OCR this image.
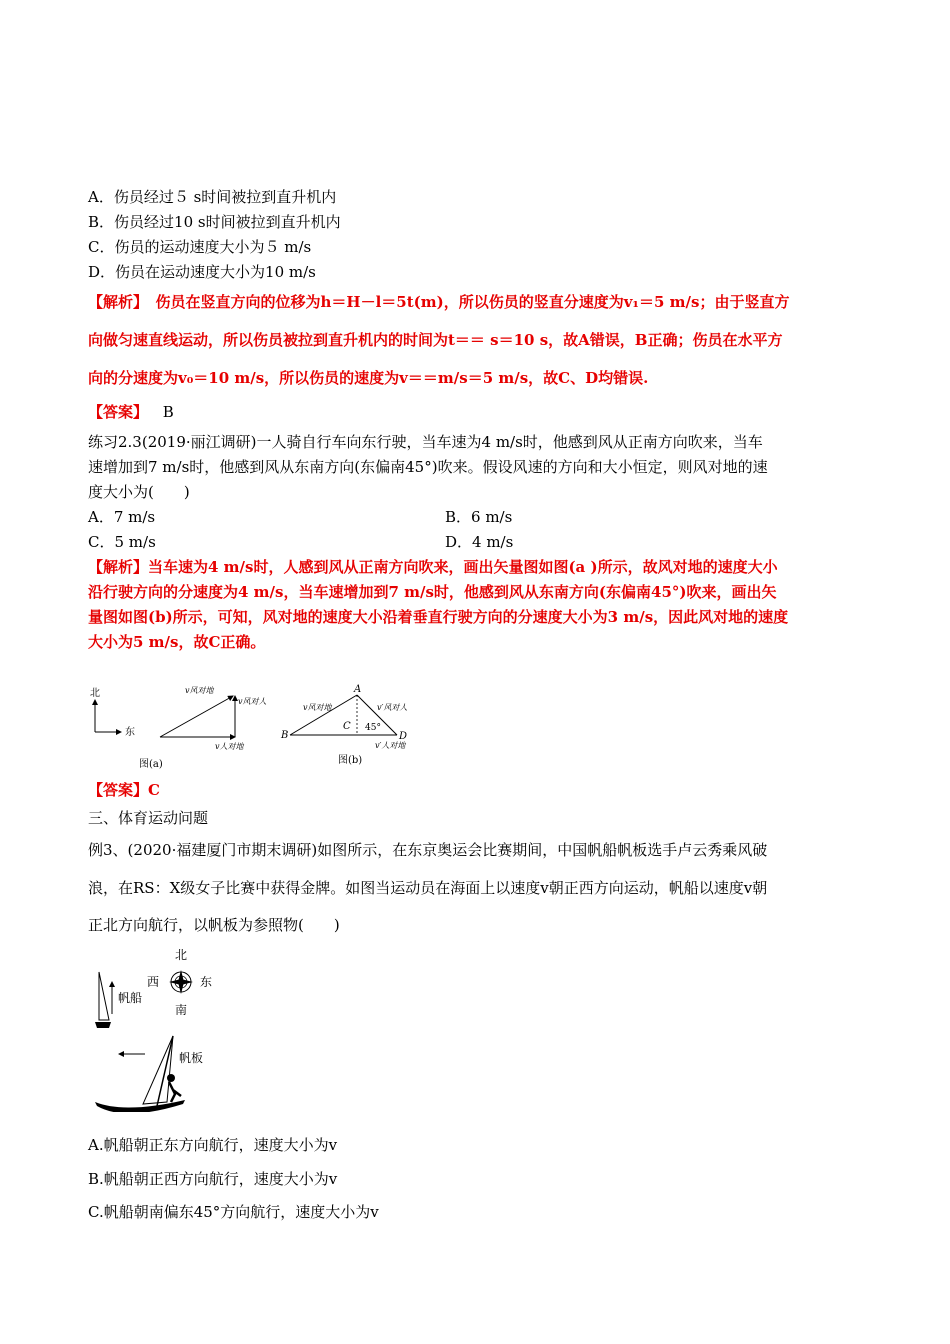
A．伤员经过５ s时间被拉到直升机内
B．伤员经过10 s时间被拉到直升机内
C．伤员的运动速度大小为５ m/s
D．伤员在运动速度大小为10 m/s
【解析】　伤员在竖直方向的位移为h＝H－l＝5t(m)，所以伤员的竖直分速度为v₁＝5 m/s；由于竖直方
向做匀速直线运动，所以伤员被拉到直升机内的时间为t＝＝ s＝10 s，故A错误，B正确；伤员在水平方
向的分速度为v₀＝10 m/s，所以伤员的速度为v＝＝m/s＝5 m/s，故C、D均错误.
【答案】 B
练习2.3(2019·丽江调研)一人骑自行车向东行驶，当车速为4 m/s时，他感到风从正南方向吹来，当车
速增加到7 m/s时，他感到风从东南方向(东偏南45°)吹来。假设风速的方向和大小恒定，则风对地的速
度大小为(　　)
A．7 m/s	B．6 m/s
C．5 m/s	D．4 m/s
【解析】当车速为4 m/s时，人感到风从正南方向吹来，画出矢量图如图(a )所示，故风对地的速度大小
沿行驶方向的分速度为4 m/s，当车速增加到7 m/s时，他感到风从东南方向(东偏南45°)吹来，画出矢
量图如图(b)所示，可知，风对地的速度大小沿着垂直行驶方向的分速度大小为3 m/s，因此风对地的速度
大小为5 m/s，故C正确。
北
东
v风对地
v风对人
v人对地
图(a)
A
B
C
D
45°
v风对地	v′风对人
v′人对地
图(b)
【答案】C
三、体育运动问题
例3、(2020·福建厦门市期末调研)如图所示，在东京奥运会比赛期间，中国帆船帆板选手卢云秀乘风破
浪，在RS：X级女子比赛中获得金牌。如图当运动员在海面上以速度v朝正西方向运动，帆船以速度v朝
正北方向航行，以帆板为参照物(　　)
北
西	东
南
帆船
帆板
A.帆船朝正东方向航行，速度大小为v
B.帆船朝正西方向航行，速度大小为v
C.帆船朝南偏东45°方向航行，速度大小为v
